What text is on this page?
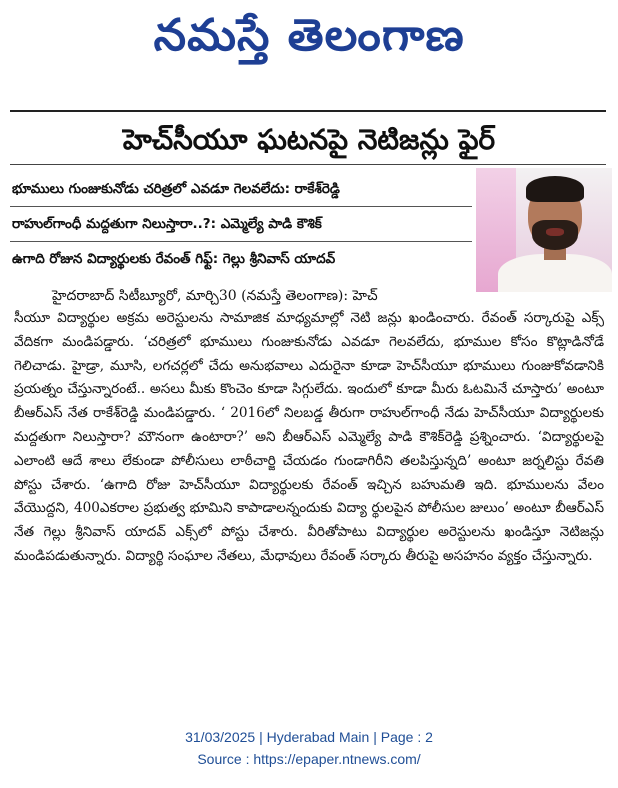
నమస్తే తెలంగాణ
హెచ్‌సీయూ ఘటనపై నెటిజన్లు ఫైర్
భూములు గుంజుకునోడు చరిత్రలో ఎవడూ గెలవలేదు: రాకేశ్‌రెడ్డి
రాహుల్‌గాంధీ మద్దతుగా నిలుస్తారా..?: ఎమ్మెల్యే పాడి కౌశిక్
ఉగాది రోజున విద్యార్థులకు రేవంత్ గిఫ్ట్: గెల్లు శ్రీనివాస్ యాదవ్
హైదరాబాద్ సిటీబ్యూరో, మార్చి30 (నమస్తే తెలంగాణ): హెచ్
సీయూ విద్యార్థుల అక్రమ అరెస్టులను సామాజిక మాధ్యమాల్లో నెటి జన్లు ఖండించారు. రేవంత్ సర్కారుపై ఎక్స్ వేదికగా మండిపడ్డారు. ‘చరిత్రలో భూములు గుంజుకునోడు ఎవడూ గెలవలేదు, భూముల కోసం కొట్లాడినోడే గెలిచాడు. హైడ్రా, మూసి, లగచర్లలో చేదు అనుభవాలు ఎదురైనా కూడా హెచ్‌సీయూ భూములు గుంజుకోవడానికి ప్రయత్నం చేస్తున్నారంటే.. అసలు మీకు కొంచెం కూడా సిగ్గులేదు. ఇందులో కూడా మీరు ఓటమినే చూస్తారు’ అంటూ బీఆర్‌ఎస్ నేత రాకేశ్‌రెడ్డి మండిపడ్డారు. ‘ 2016లో నిలబడ్డ తీరుగా రాహుల్‌గాంధీ నేడు హెచ్‌సీయూ విద్యార్థులకు మద్దతుగా నిలుస్తారా? మౌనంగా ఉంటారా?’ అని బీఆర్‌ఎస్ ఎమ్మెల్యే పాడి కౌశిక్‌రెడ్డి ప్రశ్నించారు. ‘విద్యార్థులపై ఎలాంటి ఆదే శాలు లేకుండా పోలీసులు లాఠీచార్జి చేయడం గుండాగిరీని తలపిస్తున్నది’ అంటూ జర్నలిస్టు రేవతి పోస్టు చేశారు. ‘ఉగాది రోజు హెచ్‌సీయూ విద్యార్థులకు రేవంత్ ఇచ్చిన బహుమతి ఇది. భూములను వేలం వేయొద్దని, 400ఎకరాల ప్రభుత్వ భూమిని కాపాడాలన్నందుకు విద్యా ర్థులపైన పోలీసుల జులుం’ అంటూ బీఆర్‌ఎస్ నేత గెల్లు శ్రీనివాస్ యాదవ్ ఎక్స్‌లో పోస్టు చేశారు. వీరితోపాటు విద్యార్థుల అరెస్టులను ఖండిస్తూ నెటిజన్లు మండిపడుతున్నారు. విద్యార్థి సంఘాల నేతలు, మేధావులు రేవంత్ సర్కారు తీరుపై అసహనం వ్యక్తం చేస్తున్నారు.
31/03/2025 | Hyderabad Main | Page : 2
Source : https://epaper.ntnews.com/
